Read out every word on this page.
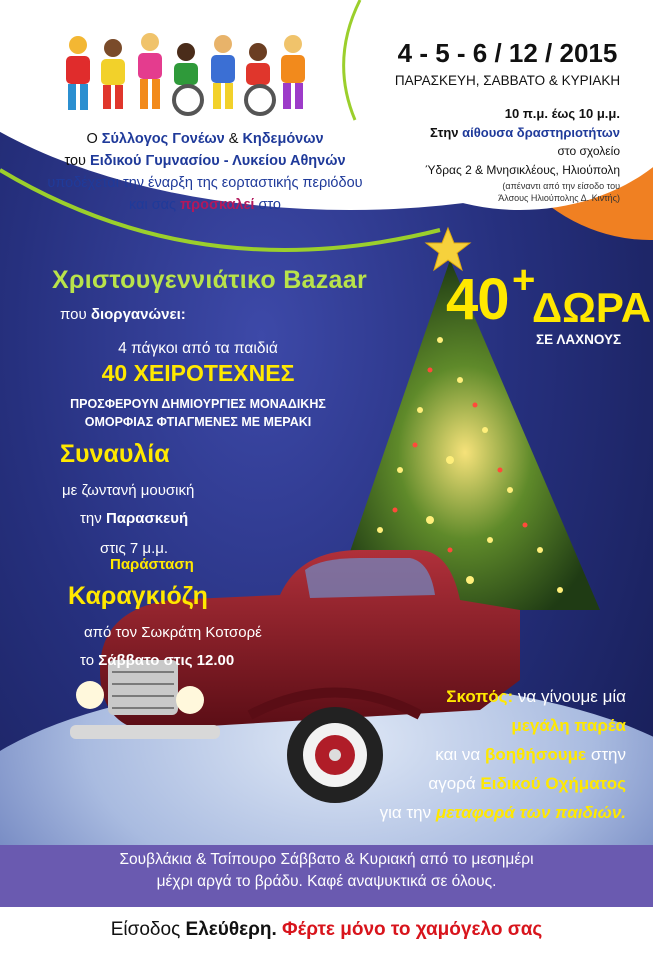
Ο Σύλλογος Γονέων & Κηδεμόνων
του Ειδικού Γυμνασίου - Λυκείου Αθηνών
υποδέχεται την έναρξη της εορταστικής περιόδου
και σας προσκαλεί στο
4 - 5 - 6 / 12 / 2015
ΠΑΡΑΣΚΕΥΗ, ΣΑΒΒΑΤΟ & ΚΥΡΙΑΚΗ
10 π.μ. έως 10 μ.μ.
Στην αίθουσα δραστηριοτήτων
στο σχολείο
Ύδρας 2 & Μνησικλέους, Ηλιούπολη
(απέναντι από την είσοδο του
Άλσους Ηλιούπολης Δ. Κιντής)
Χριστουγεννιάτικο Bazaar
που διοργανώνει:
4 πάγκοι από τα παιδιά
40 ΧΕΙΡΟΤΕΧΝΕΣ
ΠΡΟΣΦΕΡΟΥΝ ΔΗΜΙΟΥΡΓΙΕΣ ΜΟΝΑΔΙΚΗΣ
ΟΜΟΡΦΙΑΣ ΦΤΙΑΓΜΕΝΕΣ ΜΕ ΜΕΡΑΚΙ
Συναυλία
με ζωντανή μουσική
την Παρασκευή
στις 7 μ.μ.
Παράσταση
Καραγκιόζη
από τον Σωκράτη Κοτσορέ
το Σάββατο στις 12.00
40 +
ΔΩΡΑ
ΣΕ ΛΑΧΝΟΥΣ
Σκοπός: να γίνουμε μία
μεγάλη παρέα
και να βοηθήσουμε στην
αγορά Ειδικού Οχήματος
για την μεταφορά των παιδιών.
Σουβλάκια & Τσίπουρο Σάββατο & Κυριακή από το μεσημέρι
μέχρι αργά το βράδυ. Καφέ αναψυκτικά σε όλους.
Είσοδος Ελεύθερη. Φέρτε μόνο το χαμόγελο σας
